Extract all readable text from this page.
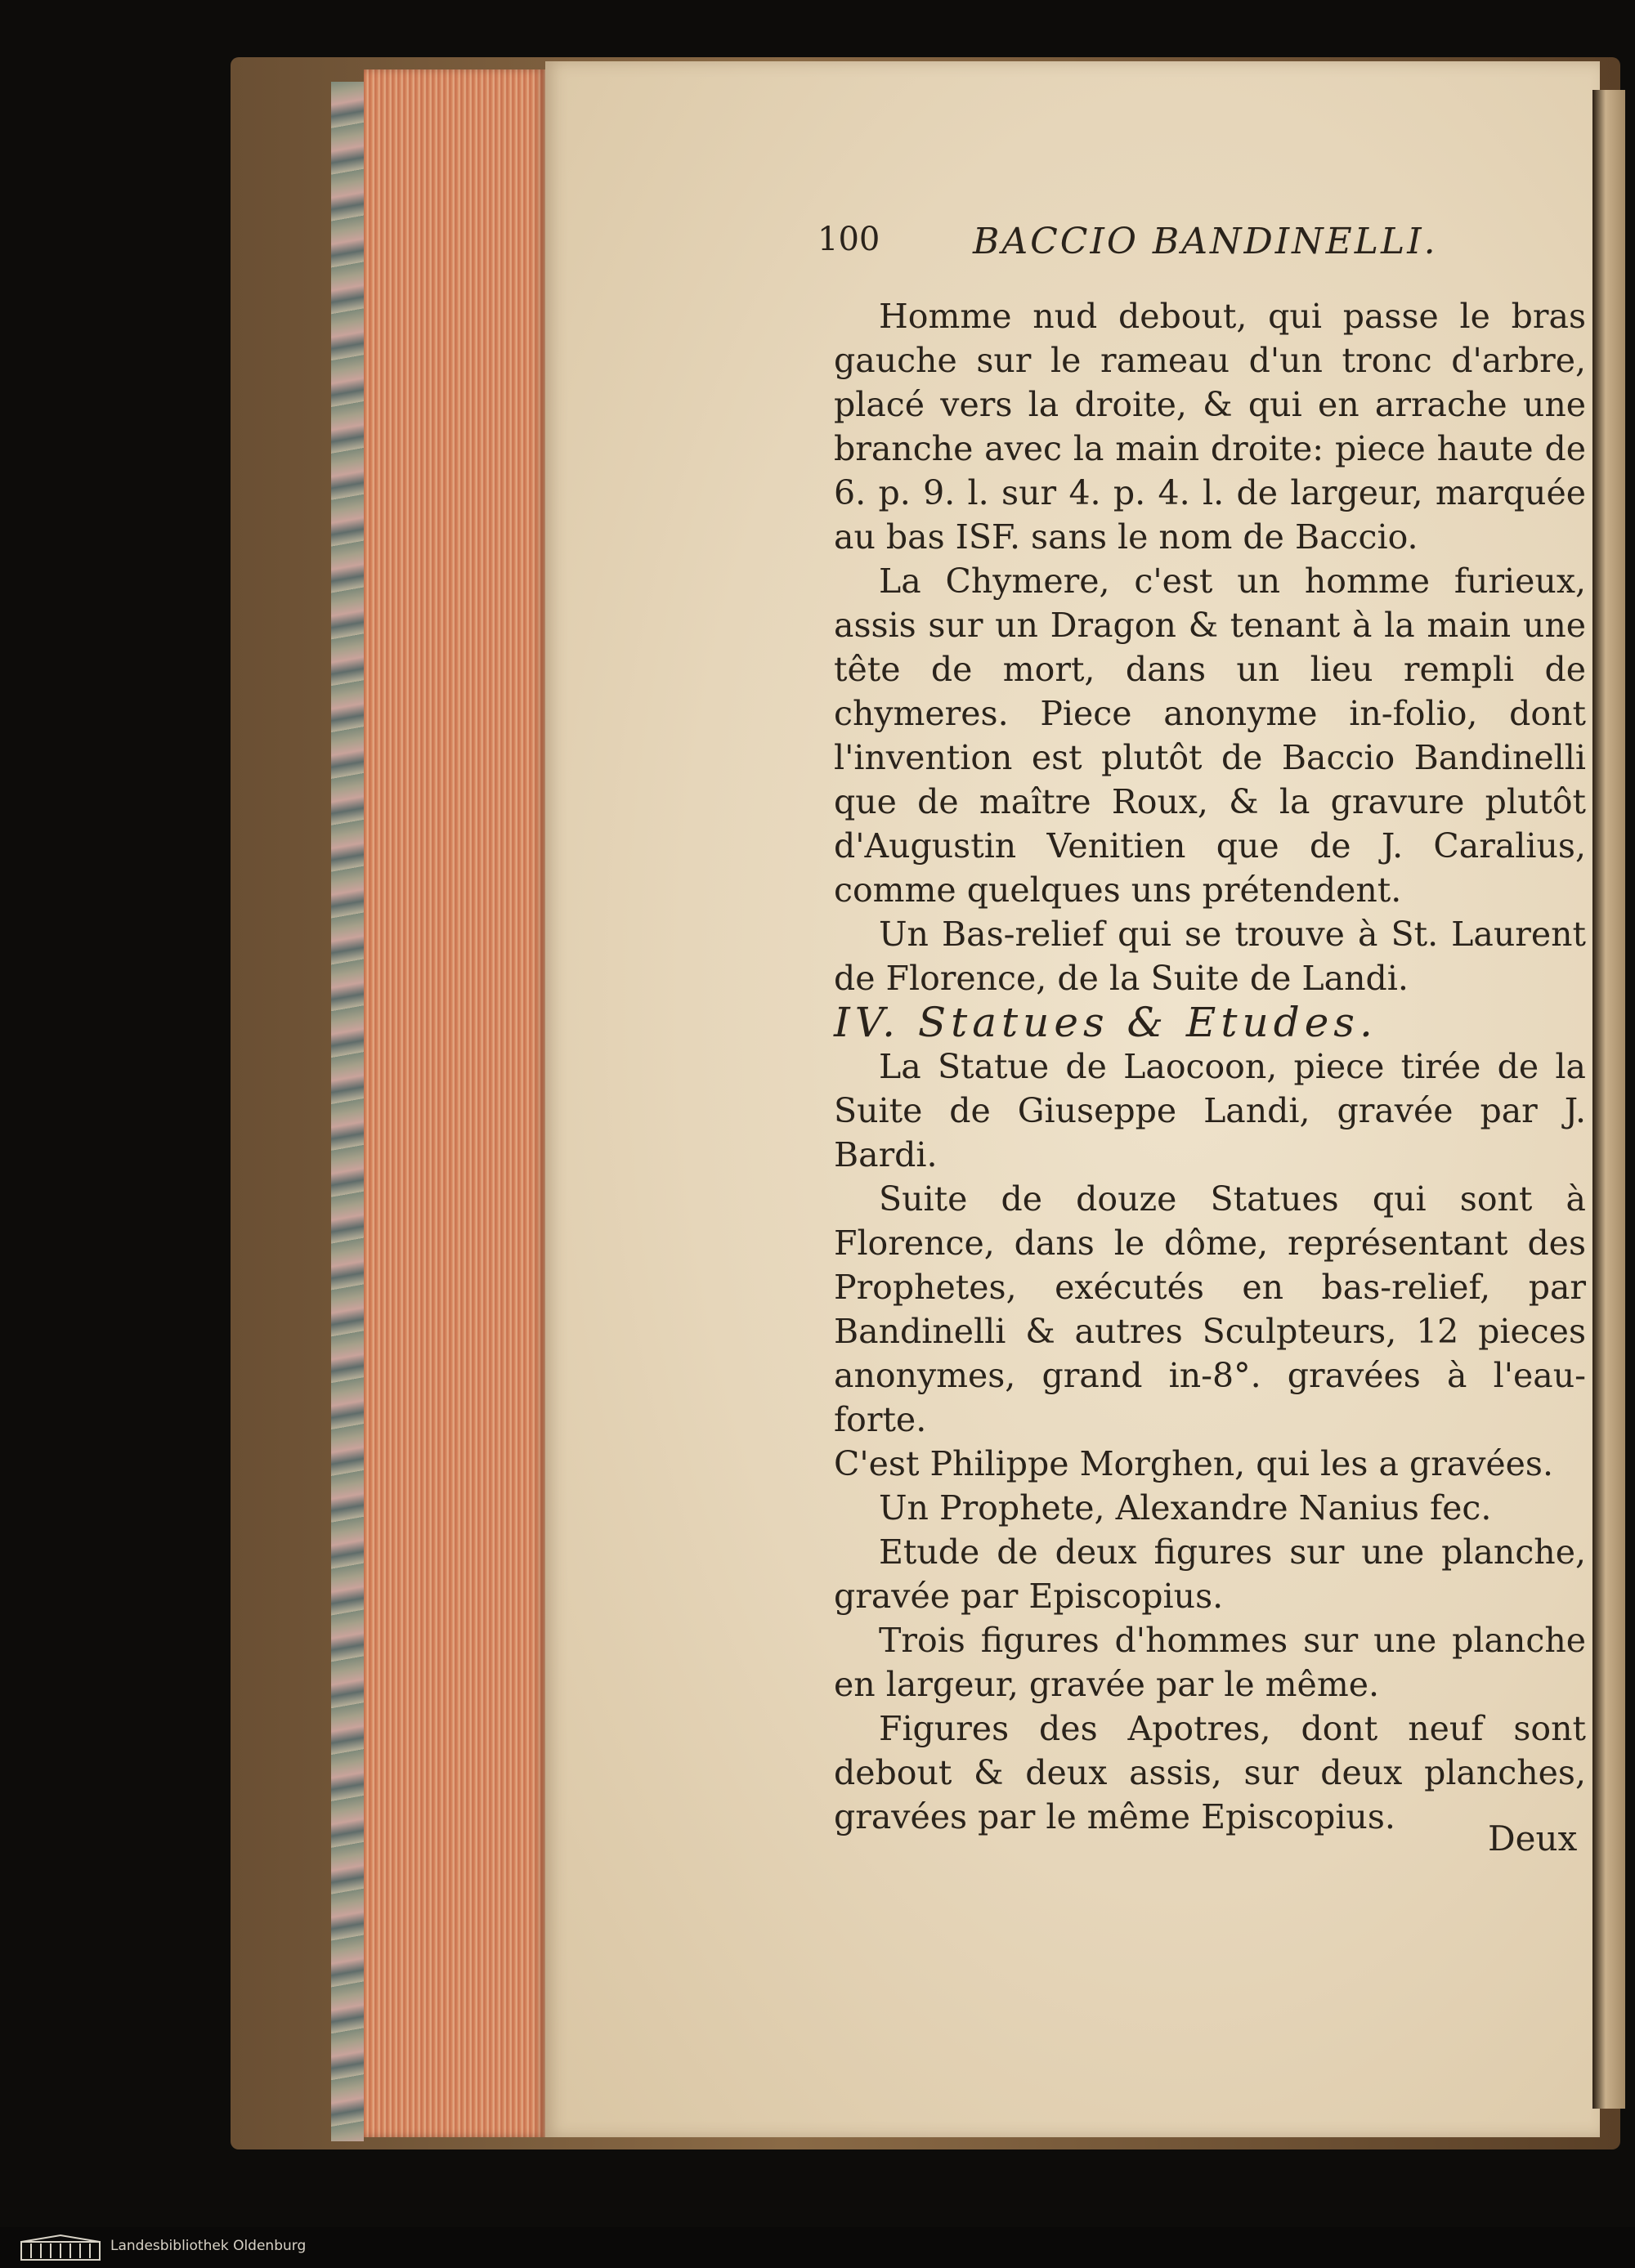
100	BACCIO BANDINELLI.

Homme nud debout, qui passe le bras gauche sur le rameau d'un tronc d'arbre, placé vers la droite, & qui en arrache une branche avec la main droite: piece haute de 6. p. 9. l. sur 4. p. 4. l. de largeur, marquée au bas ISF. sans le nom de Baccio.

La Chymere, c'est un homme furieux, assis sur un Dragon & tenant à la main une tête de mort, dans un lieu rempli de chymeres. Piece anonyme in-folio, dont l'invention est plutôt de Baccio Bandinelli que de maître Roux, & la gravure plutôt d'Augustin Venitien que de J. Caralius, comme quelques uns prétendent.

Un Bas-relief qui se trouve à St. Laurent de Florence, de la Suite de Landi.

IV. Statues & Etudes.

La Statue de Laocoon, piece tirée de la Suite de Giuseppe Landi, gravée par J. Bardi.

Suite de douze Statues qui sont à Florence, dans le dôme, représentant des Prophetes, exécutés en bas-relief, par Bandinelli & autres Sculpteurs, 12 pieces anonymes, grand in-8°. gravées à l'eau-forte.

C'est Philippe Morghen, qui les a gravées.

Un Prophete, Alexandre Nanius fec.

Etude de deux figures sur une planche, gravée par Episcopius.

Trois figures d'hommes sur une planche en largeur, gravée par le même.

Figures des Apotres, dont neuf sont debout & deux assis, sur deux planches, gravées par le même Episcopius.

Deux
Landesbibliothek Oldenburg
